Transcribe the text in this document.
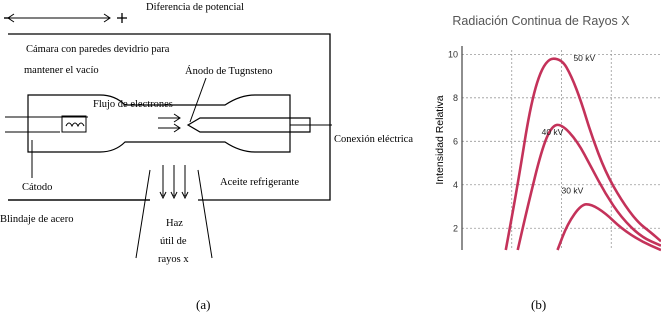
Diferencia de potencial
Cámara con paredes devidrio para
mantener el vacío	Ánodo de Tugnsteno
Flujo de electrones
Conexión eléctrica
Cátodo	Aceite refrigerante
Blindaje de acero	Haz
útil de
rayos x
Radiación Continua de Rayos X
Intensidad Relativa
2
4
6
8
10	50 kV
40 kV
30 kV
(a)	(b)
